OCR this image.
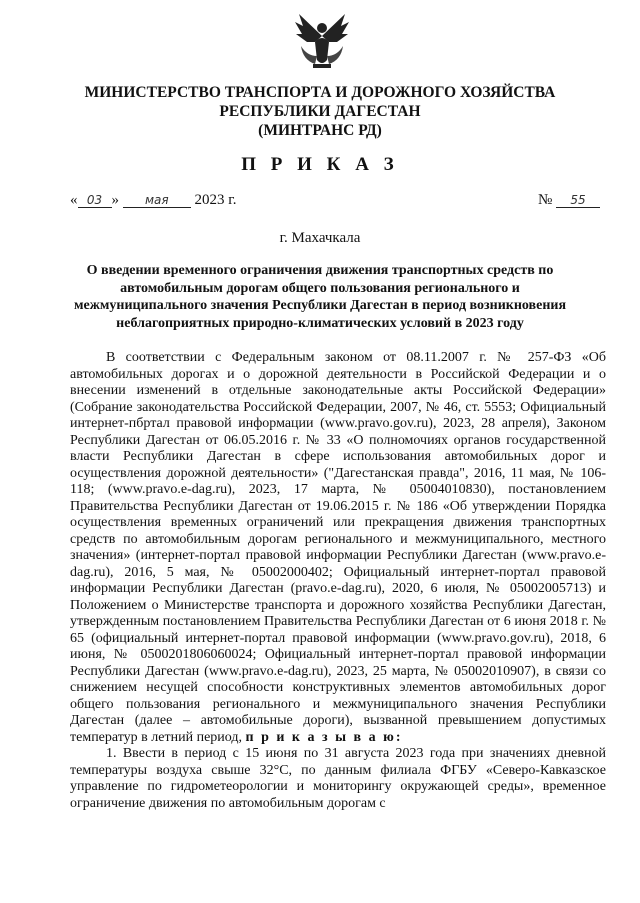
МИНИСТЕРСТВО ТРАНСПОРТА И ДОРОЖНОГО ХОЗЯЙСТВА
РЕСПУБЛИКИ ДАГЕСТАН
(МИНТРАНС РД)
П Р И К А З
« 03 » мая 2023 г.	№ 55
г. Махачкала
О введении временного ограничения движения транспортных средств по автомобильным дорогам общего пользования регионального и межмуниципального значения Республики Дагестан в период возникновения неблагоприятных природно-климатических условий в 2023 году

В соответствии с Федеральным законом от 08.11.2007 г. № 257-ФЗ «Об автомобильных дорогах и о дорожной деятельности в Российской Федерации и о внесении изменений в отдельные законодательные акты Российской Федерации» (Собрание законодательства Российской Федерации, 2007, № 46, ст. 5553; Официальный интернет-пбртал правовой информации (www.pravo.gov.ru), 2023, 28 апреля), Законом Республики Дагестан от 06.05.2016 г. № 33 «О полномочиях органов государственной власти Республики Дагестан в сфере использования автомобильных дорог и осуществления дорожной деятельности» ("Дагестанская правда", 2016, 11 мая, № 106-118; (www.pravo.e-dag.ru), 2023, 17 марта, № 05004010830), постановлением Правительства Республики Дагестан от 19.06.2015 г. № 186 «Об утверждении Порядка осуществления временных ограничений или прекращения движения транспортных средств по автомобильным дорогам регионального и межмуниципального, местного значения» (интернет-портал правовой информации Республики Дагестан (www.pravo.e-dag.ru), 2016, 5 мая, № 05002000402; Официальный интернет-портал правовой информации Республики Дагестан (pravo.e-dag.ru), 2020, 6 июля, № 05002005713) и Положением о Министерстве транспорта и дорожного хозяйства Республики Дагестан, утвержденным постановлением Правительства Республики Дагестан от 6 июня 2018 г. № 65 (официальный интернет-портал правовой информации (www.pravo.gov.ru), 2018, 6 июня, № 0500201806060024; Официальный интернет-портал правовой информации Республики Дагестан (www.pravo.e-dag.ru), 2023, 25 марта, № 05002010907), в связи со снижением несущей способности конструктивных элементов автомобильных дорог общего пользования регионального и межмуниципального значения Республики Дагестан (далее – автомобильные дороги), вызванной превышением допустимых температур в летний период, п р и к а з ы в а ю:

1. Ввести в период с 15 июня по 31 августа 2023 года при значениях дневной температуры воздуха свыше 32°С, по данным филиала ФГБУ «Северо-Кавказское управление по гидрометеорологии и мониторингу окружающей среды», временное ограничение движения по автомобильным дорогам с
